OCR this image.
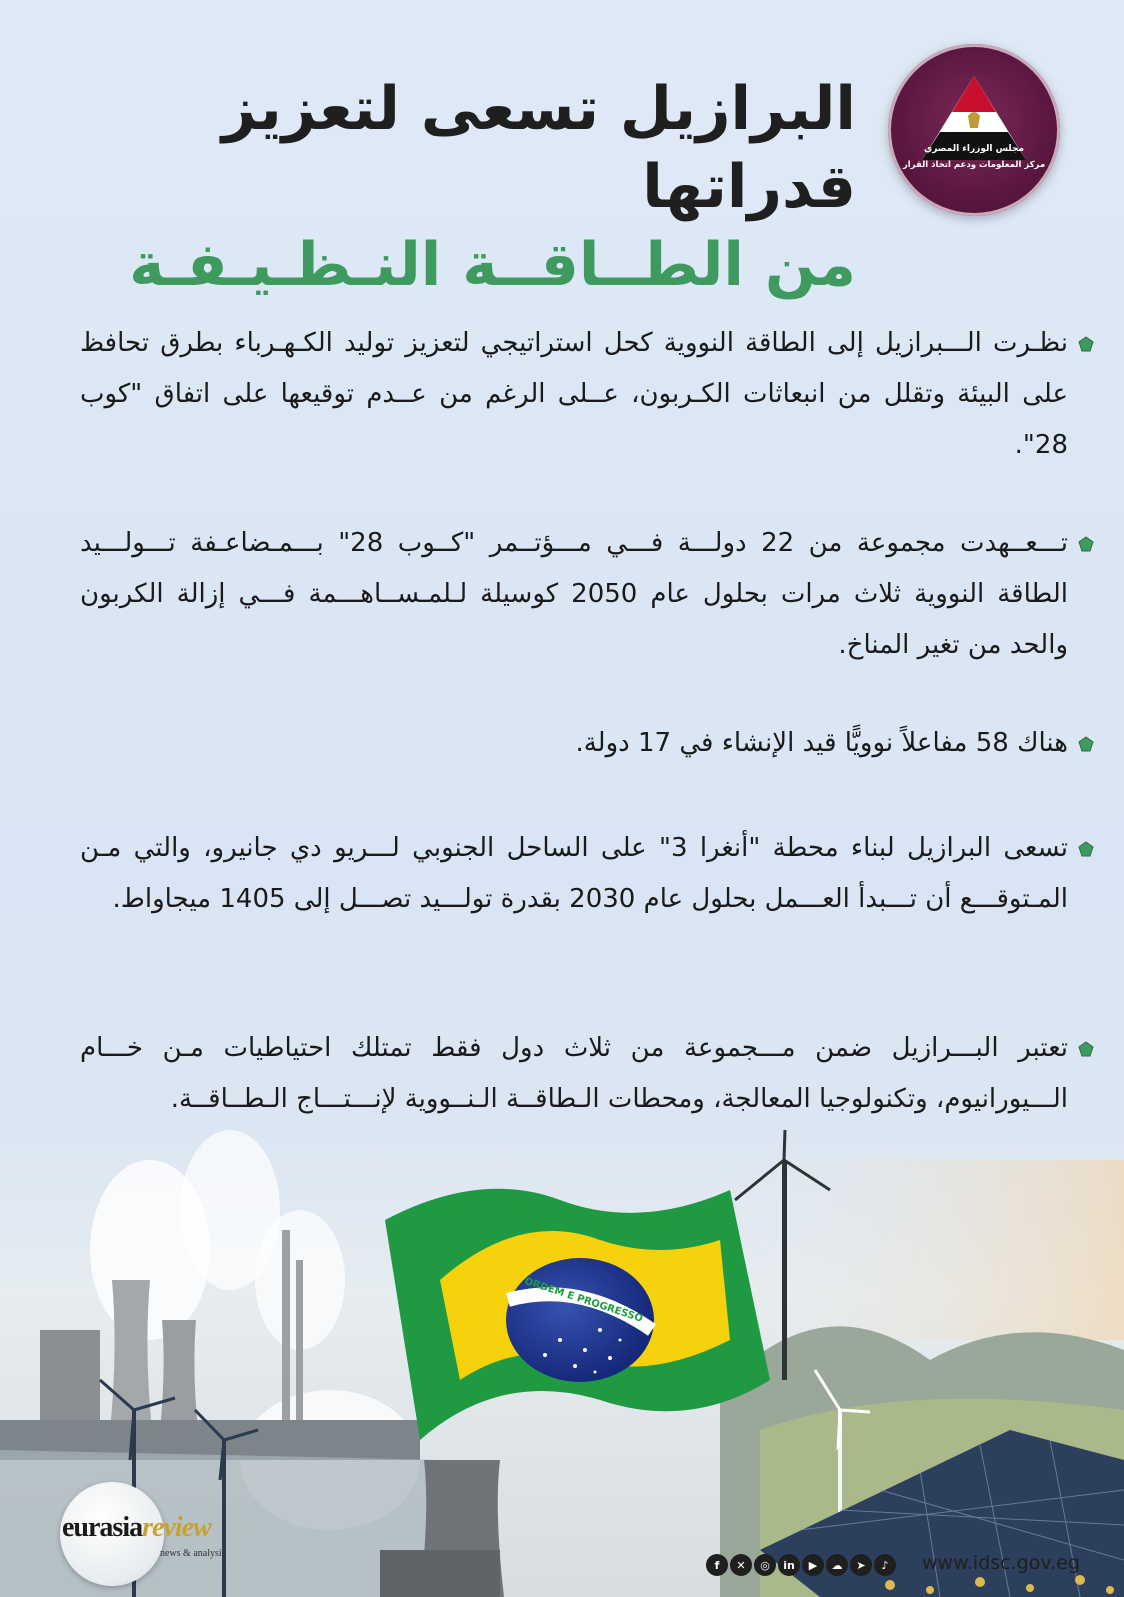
مجلس الوزراء المصري
مركز المعلومات ودعم اتخاذ القرار
البرازيل تسعى لتعزيز قدراتها
من الطــاقــة النـظـيـفـة
نظـرت الـــبرازيل إلى الطاقة النووية كحل استراتيجي لتعزيز توليد الكـهـرباء بطرق تحافظ على البيئة وتقلل من انبعاثات الكـربون، عــلى الرغم من عــدم توقيعها على اتفاق "كوب 28".
تـــعــهدت مجموعة من 22 دولـــة فـــي مـــؤتــمر "كــوب 28" بـــمـضاعـفة تـــولـــيد الطاقة النووية ثلاث مرات بحلول عام 2050 كوسيلة لـلمـســاهـــمة فـــي إزالة الكربون والحد من تغير المناخ.
هناك 58 مفاعلاً نوويًّا قيد الإنشاء في 17 دولة.
تسعى البرازيل لبناء محطة "أنغرا 3" على الساحل الجنوبي لـــريو دي جانيرو، والتي مـن المـتوقـــع أن تـــبدأ العـــمل بحلول عام 2030 بقدرة تولـــيد تصـــل إلى 1405 ميجاواط.
تعتبر البـــرازيل ضمن مـــجموعة من ثلاث دول فقط تمتلك احتياطيات مـن خـــام الـــيورانيوم، وتكنولوجيا المعالجة، ومحطات الـطاقــة الـنــووية لإنـــتـــاج الـطــاقــة.
ORDEM E PROGRESSO
eurasiareview
news & analysis
f	✕	◎	in	▶	☁	➤	♪	www.idsc.gov.eg
